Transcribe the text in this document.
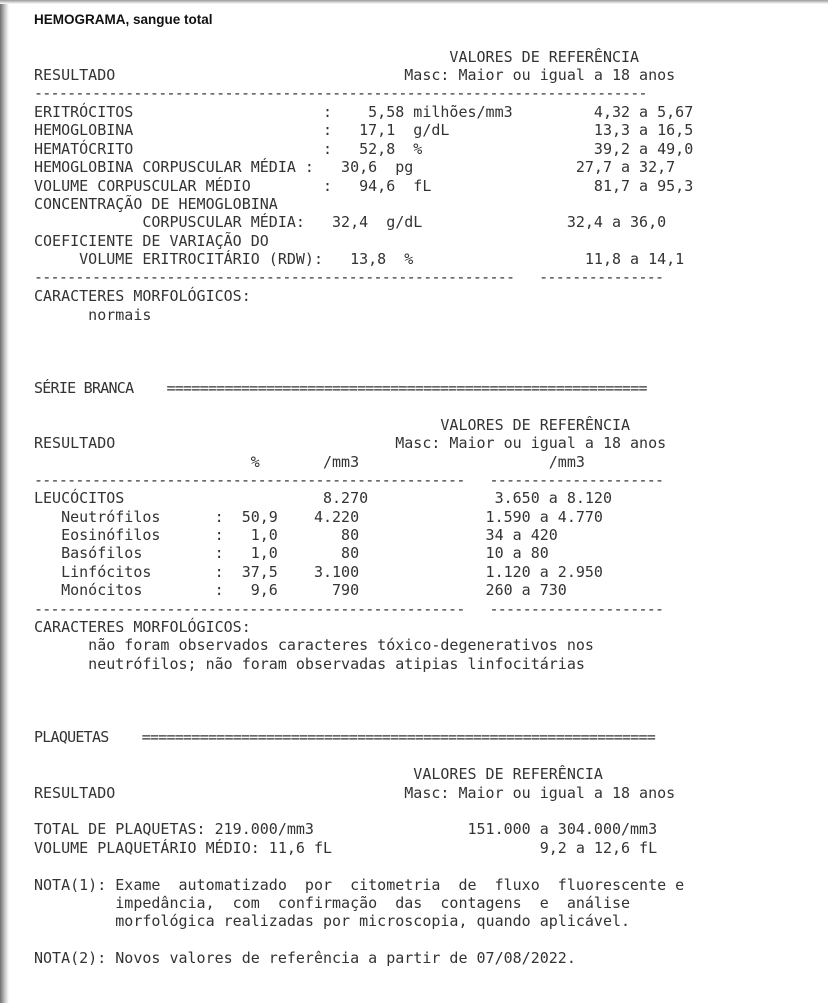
HEMOGRAMA, sangue total
VALORES DE REFERÊNCIA
RESULTADO                                Masc: Maior ou igual a 18 anos
--------------------------------------------------------------------------
ERITRÓCITOS                     :    5,58 milhões/mm3         4,32 a 5,67
HEMOGLOBINA                     :   17,1  g/dL                13,3 a 16,5
HEMATÓCRITO                     :   52,8  %                   39,2 a 49,0
HEMOGLOBINA CORPUSCULAR MÉDIA :   30,6  pg                  27,7 a 32,7
VOLUME CORPUSCULAR MÉDIO        :   94,6  fL                  81,7 a 95,3
CONCENTRAÇÃO DE HEMOGLOBINA
CORPUSCULAR MÉDIA:   32,4  g/dL                32,4 a 36,0
COEFICIENTE DE VARIAÇÃO DO
VOLUME ERITROCITÁRIO (RDW):   13,8  %                   11,8 a 14,1
----------------------------------------------------------   ---------------
CARACTERES MORFOLÓGICOS:
normais
SÉRIE BRANCA    ==========================================================
VALORES DE REFERÊNCIA
RESULTADO                               Masc: Maior ou igual a 18 anos
%       /mm3                     /mm3
----------------------------------------------------   ---------------------
LEUCÓCITOS                      8.270              3.650 a 8.120
Neutrófilos      :  50,9    4.220              1.590 a 4.770
Eosinófilos      :   1,0       80              34 a 420
Basófilos        :   1,0       80              10 a 80
Linfócitos       :  37,5    3.100              1.120 a 2.950
Monócitos        :   9,6      790              260 a 730
----------------------------------------------------   ---------------------
CARACTERES MORFOLÓGICOS:
não foram observados caracteres tóxico-degenerativos nos
neutrófilos; não foram observadas atipias linfocitárias
PLAQUETAS    ==============================================================
VALORES DE REFERÊNCIA
RESULTADO                                Masc: Maior ou igual a 18 anos
TOTAL DE PLAQUETAS: 219.000/mm3                 151.000 a 304.000/mm3
VOLUME PLAQUETÁRIO MÉDIO: 11,6 fL                       9,2 a 12,6 fL
NOTA(1): Exame  automatizado  por  citometria  de  fluxo  fluorescente e
impedância,  com  confirmação  das  contagens  e  análise
morfológica realizadas por microscopia, quando aplicável.
NOTA(2): Novos valores de referência a partir de 07/08/2022.
